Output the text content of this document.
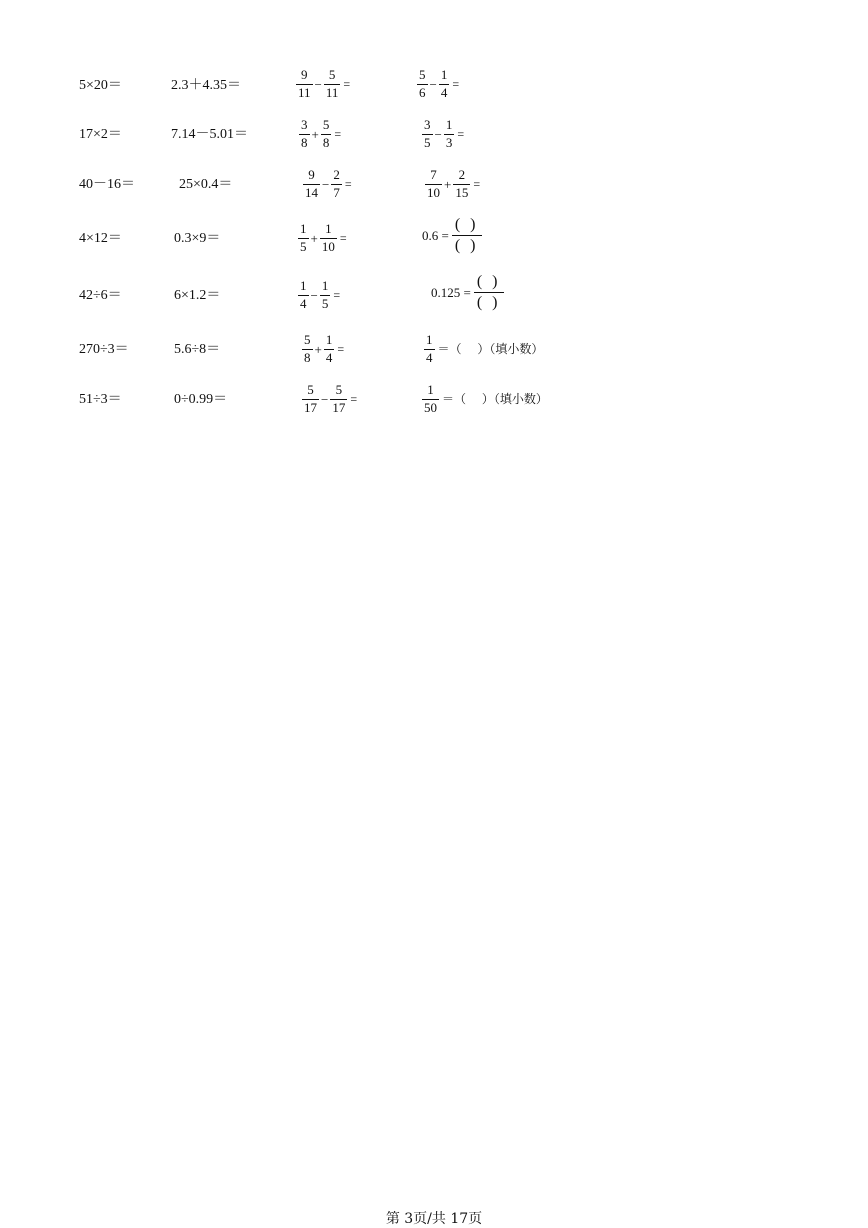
5×20＝
17×2＝
40－16＝
4×12＝
42÷6＝
270÷3＝
51÷3＝
2.3＋4.35＝
7.14－5.01＝
25×0.4＝
0.3×9＝
6×1.2＝
5.6÷8＝
0÷0.99＝
$\frac{9}{11} - \frac{5}{11}$ =
$\frac{3}{8} + \frac{5}{8}$ =
$\frac{9}{14} - \frac{2}{7}$ =
$\frac{1}{5} + \frac{1}{10}$ =
$\frac{1}{4} - \frac{1}{5}$ =
$\frac{5}{8} + \frac{1}{4}$ =
$\frac{5}{17} - \frac{5}{17}$ =
$\frac{5}{6} - \frac{1}{4}$ =
$\frac{3}{5} - \frac{1}{3}$ =
$\frac{7}{10} + \frac{2}{15}$ =
$0.6 = \frac{( )}{( )}$
$0.125 = \frac{( )}{( )}$
$\frac{1}{4}$ ＝（　 ）（填小数）
$\frac{1}{50}$ ＝（　 ）（填小数）
第 3页/共 17页
